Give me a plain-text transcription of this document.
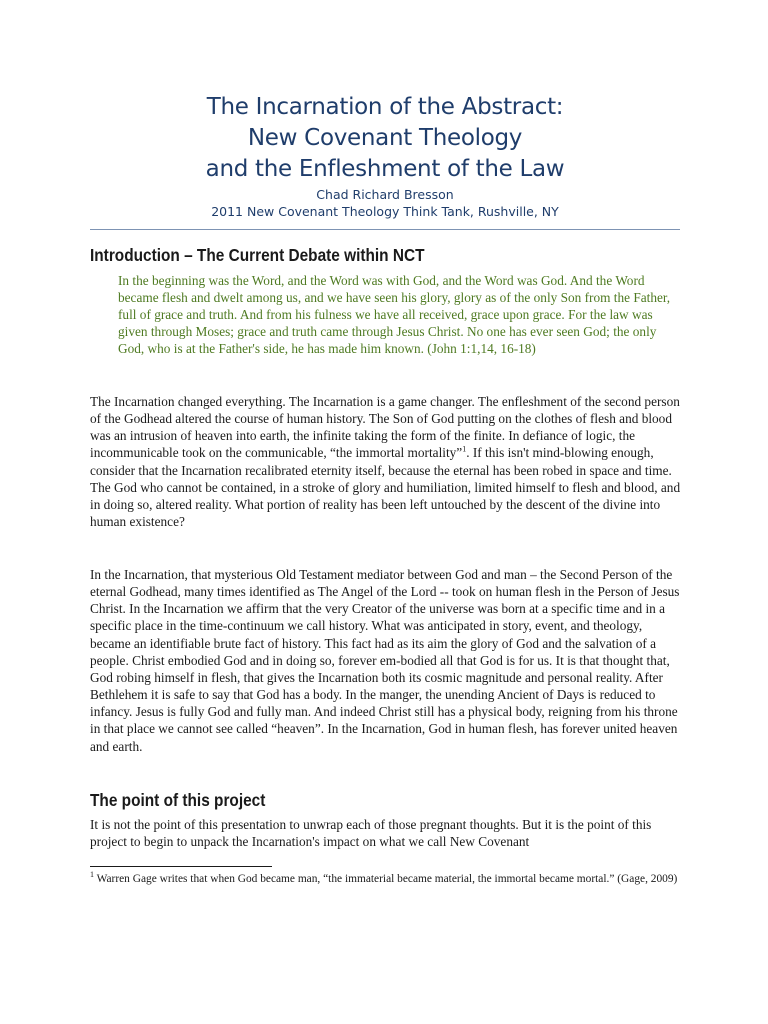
The Incarnation of the Abstract:
New Covenant Theology
and the Enfleshment of the Law
Chad Richard Bresson
2011 New Covenant Theology Think Tank, Rushville, NY
Introduction – The Current Debate within NCT

In the beginning was the Word, and the Word was with God, and the Word was God. And the Word became flesh and dwelt among us, and we have seen his glory, glory as of the only Son from the Father, full of grace and truth. And from his fulness we have all received, grace upon grace. For the law was given through Moses; grace and truth came through Jesus Christ. No one has ever seen God; the only God, who is at the Father's side, he has made him known. (John 1:1,14, 16-18)

The Incarnation changed everything. The Incarnation is a game changer. The enfleshment of the second person of the Godhead altered the course of human history. The Son of God putting on the clothes of flesh and blood was an intrusion of heaven into earth, the infinite taking the form of the finite. In defiance of logic, the incommunicable took on the communicable, “the immortal mortality”$^1$. If this isn't mind-blowing enough, consider that the Incarnation recalibrated eternity itself, because the eternal has been robed in space and time. The God who cannot be contained, in a stroke of glory and humiliation, limited himself to flesh and blood, and in doing so, altered reality. What portion of reality has been left untouched by the descent of the divine into human existence?
In the Incarnation, that mysterious Old Testament mediator between God and man – the Second Person of the eternal Godhead, many times identified as The Angel of the Lord -- took on human flesh in the Person of Jesus Christ. In the Incarnation we affirm that the very Creator of the universe was born at a specific time and in a specific place in the time-continuum we call history. What was anticipated in story, event, and theology, became an identifiable brute fact of history. This fact had as its aim the glory of God and the salvation of a people. Christ embodied God and in doing so, forever em-bodied all that God is for us. It is that thought that, God robing himself in flesh, that gives the Incarnation both its cosmic magnitude and personal reality. After Bethlehem it is safe to say that God has a body. In the manger, the unending Ancient of Days is reduced to infancy. Jesus is fully God and fully man. And indeed Christ still has a physical body, reigning from his throne in that place we cannot see called “heaven”. In the Incarnation, God in human flesh, has forever united heaven and earth.
The point of this project
It is not the point of this presentation to unwrap each of those pregnant thoughts. But it is the point of this project to begin to unpack the Incarnation's impact on what we call New Covenant
$^1$ Warren Gage writes that when God became man, “the immaterial became material, the immortal became mortal.” (Gage, 2009)
